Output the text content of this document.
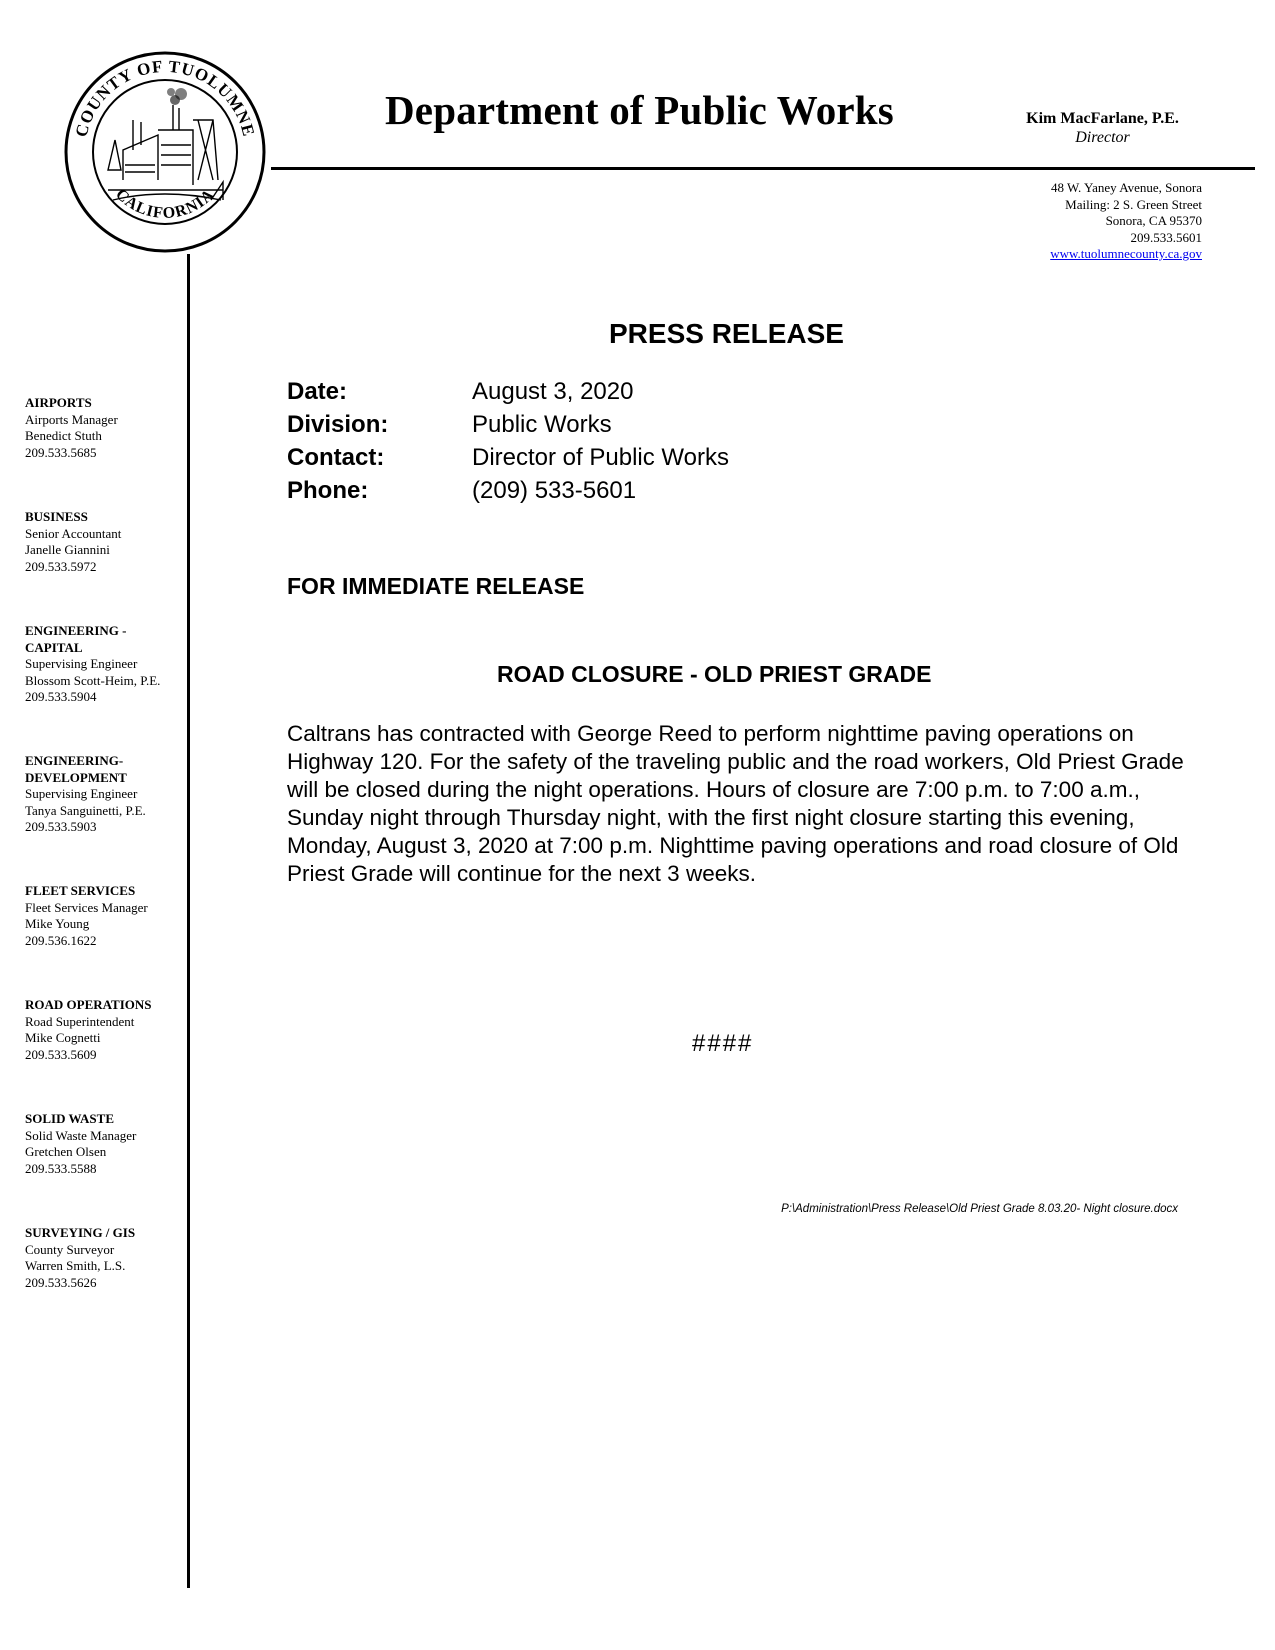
COUNTY OF TUOLUMNE
CALIFORNIA
Department of Public Works	Kim MacFarlane, P.E.
Director
48 W. Yaney Avenue, Sonora
Mailing: 2 S. Green Street
Sonora, CA 95370
209.533.5601
www.tuolumnecounty.ca.gov
AIRPORTS
Airports Manager
Benedict Stuth
209.533.5685
BUSINESS
Senior Accountant
Janelle Giannini
209.533.5972
ENGINEERING -
CAPITAL
Supervising Engineer
Blossom Scott-Heim, P.E.
209.533.5904
ENGINEERING-
DEVELOPMENT
Supervising Engineer
Tanya Sanguinetti, P.E.
209.533.5903
FLEET SERVICES
Fleet Services Manager
Mike Young
209.536.1622
ROAD OPERATIONS
Road Superintendent
Mike Cognetti
209.533.5609
SOLID WASTE
Solid Waste Manager
Gretchen Olsen
209.533.5588
SURVEYING / GIS
County Surveyor
Warren Smith, L.S.
209.533.5626
PRESS RELEASE
Date:	August 3, 2020
Division:	Public Works
Contact:	Director of Public Works
Phone:	(209) 533-5601
FOR IMMEDIATE RELEASE
ROAD CLOSURE - OLD PRIEST GRADE
Caltrans has contracted with George Reed to perform nighttime paving operations on Highway 120. For the safety of the traveling public and the road workers, Old Priest Grade will be closed during the night operations. Hours of closure are 7:00 p.m. to 7:00 a.m., Sunday night through Thursday night, with the first night closure starting this evening, Monday, August 3, 2020 at 7:00 p.m. Nighttime paving operations and road closure of Old Priest Grade will continue for the next 3 weeks.
####
P:\Administration\Press Release\Old Priest Grade 8.03.20- Night closure.docx
